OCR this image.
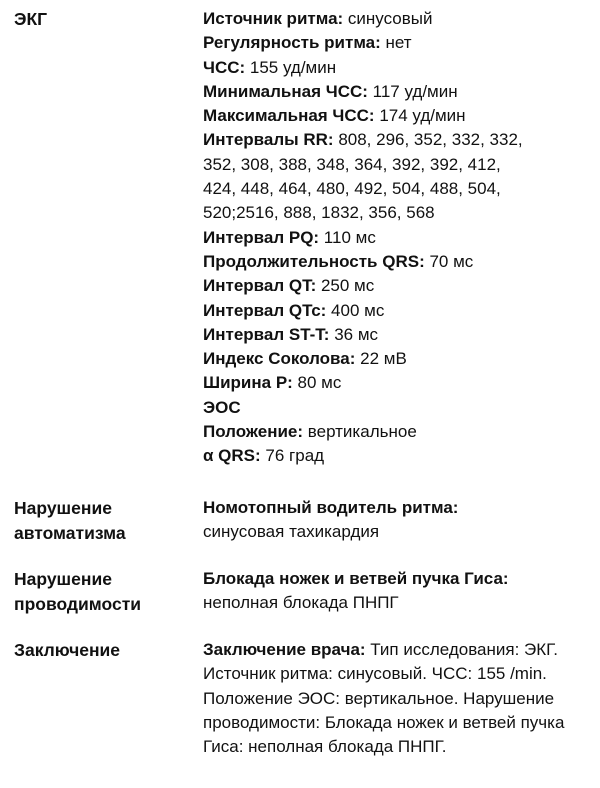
ЭКГ	Источник ритма: синусовый
Регулярность ритма: нет
ЧСС: 155 уд/мин
Минимальная ЧСС: 117 уд/мин
Максимальная ЧСС: 174 уд/мин
Интервалы RR: 808, 296, 352, 332, 332,
352, 308, 388, 348, 364, 392, 392, 412,
424, 448, 464, 480, 492, 504, 488, 504,
520;2516, 888, 1832, 356, 568
Интервал PQ: 110 мс
Продолжительность QRS: 70 мс
Интервал QT: 250 мс
Интервал QTc: 400 мс
Интервал ST-T: 36 мс
Индекс Соколова: 22 мВ
Ширина P: 80 мс
ЭОС
Положение: вертикальное
α QRS: 76 град
Нарушение
автоматизма
Номотопный водитель ритма:
синусовая тахикардия
Нарушение
проводимости
Блокада ножек и ветвей пучка Гиса:
неполная блокада ПНПГ
Заключение	Заключение врача: Тип исследования: ЭКГ. Источник ритма: синусовый. ЧСС: 155 /min. Положение ЭОС: вертикальное. Нарушение проводимости: Блокада ножек и ветвей пучка Гиса: неполная блокада ПНПГ.
